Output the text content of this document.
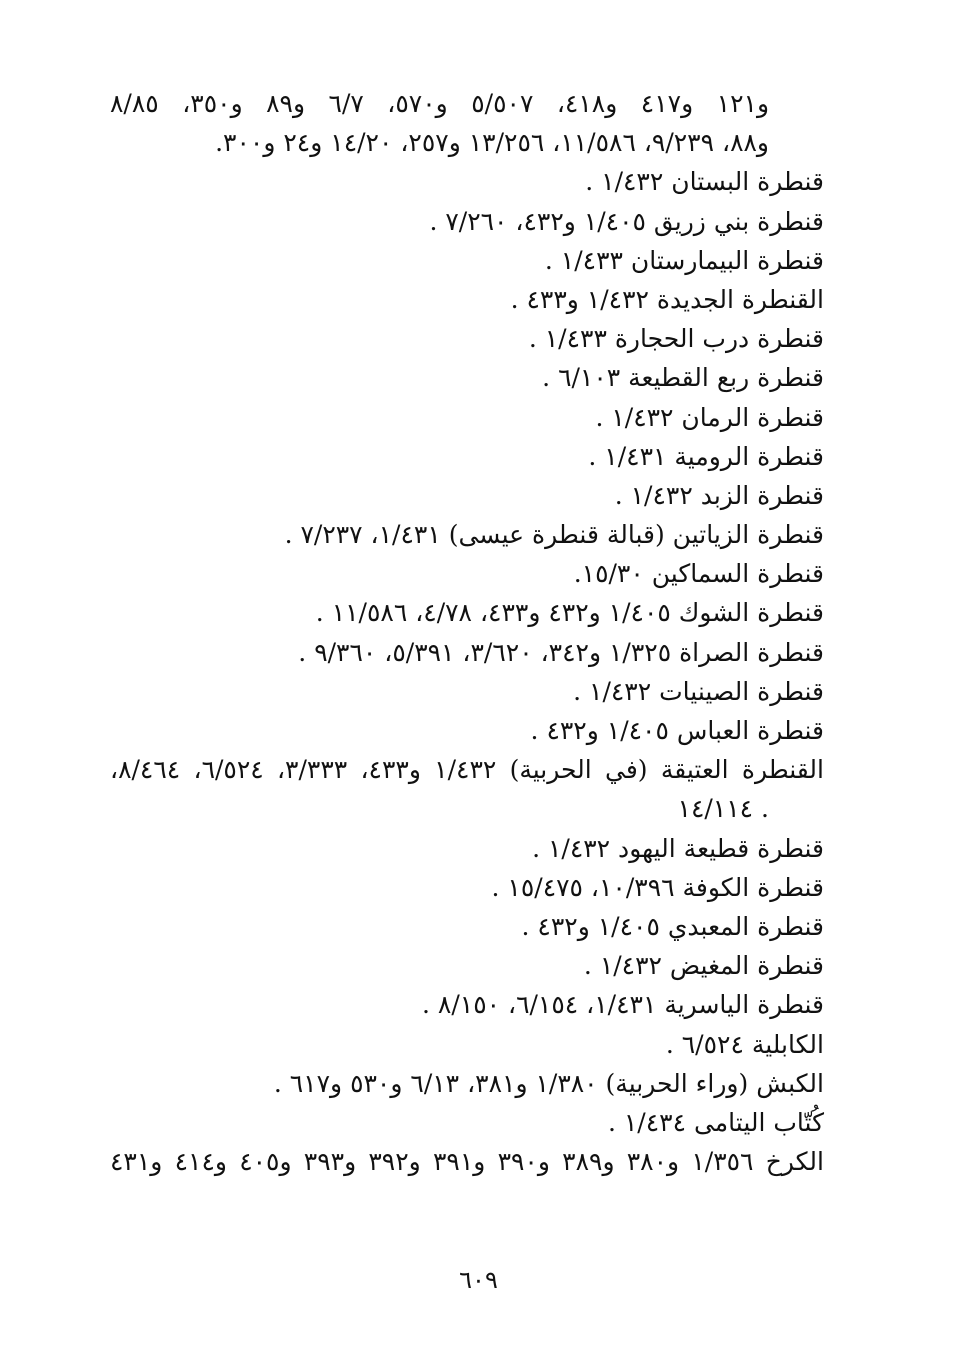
و١٢١ و٤١٧ و٤١٨، ٥/٥٠٧ و٥٧٠، ٦/٧ و٨٩ و٣٥٠، ٨/٨٥
و٨٨، ٩/٢٣٩، ١١/٥٨٦، ١٣/٢٥٦ و٢٥٧، ١٤/٢٠ و٢٤ و٣٠٠.
قنطرة البستان ١/٤٣٢ .
قنطرة بني زريق ١/٤٠٥ و٤٣٢، ٧/٢٦٠ .
قنطرة البيمارستان ١/٤٣٣ .
القنطرة الجديدة ١/٤٣٢ و٤٣٣ .
قنطرة درب الحجارة ١/٤٣٣ .
قنطرة ربع القطيعة ٦/١٠٣ .
قنطرة الرمان ١/٤٣٢ .
قنطرة الرومية ١/٤٣١ .
قنطرة الزبد ١/٤٣٢ .
قنطرة الزياتين (قبالة قنطرة عيسى) ١/٤٣١، ٧/٢٣٧ .
قنطرة السماكين ١٥/٣٠.
قنطرة الشوك ١/٤٠٥ و٤٣٢ و٤٣٣، ٤/٧٨، ١١/٥٨٦ .
قنطرة الصراة ١/٣٢٥ و٣٤٢، ٣/٦٢٠، ٥/٣٩١، ٩/٣٦٠ .
قنطرة الصينيات ١/٤٣٢ .
قنطرة العباس ١/٤٠٥ و٤٣٢ .
القنطرة العتيقة (في الحربية) ١/٤٣٢ و٤٣٣، ٣/٣٣٣، ٦/٥٢٤، ٨/٤٦٤،
١٤/١١٤ .
قنطرة قطيعة اليهود ١/٤٣٢ .
قنطرة الكوفة ١٠/٣٩٦، ١٥/٤٧٥ .
قنطرة المعبدي ١/٤٠٥ و٤٣٢ .
قنطرة المغيض ١/٤٣٢ .
قنطرة الياسرية ١/٤٣١، ٦/١٥٤، ٨/١٥٠ .
الكابلية ٦/٥٢٤ .
الكبش (وراء الحربية) ١/٣٨٠ و٣٨١، ٦/١٣ و٥٣٠ و٦١٧ .
كُتّاب اليتامى ١/٤٣٤ .
الكرخ ١/٣٥٦ و٣٨٠ و٣٨٩ و٣٩٠ و٣٩١ و٣٩٢ و٣٩٣ و٤٠٥ و٤١٤ و٤٣١
٦٠٩
